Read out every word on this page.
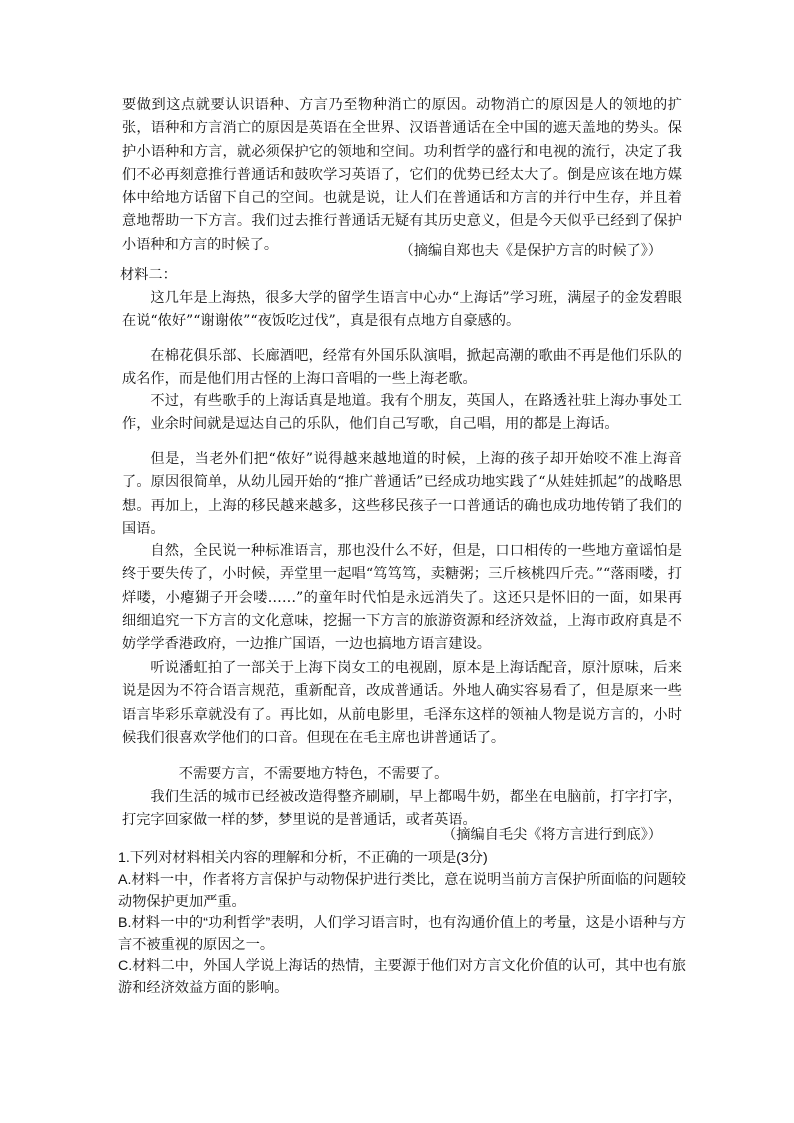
要做到这点就要认识语种、方言乃至物种消亡的原因。动物消亡的原因是人的领地的扩张，语种和方言消亡的原因是英语在全世界、汉语普通话在全中国的遮天盖地的势头。保护小语种和方言，就必须保护它的领地和空间。功利哲学的盛行和电视的流行，决定了我们不必再刻意推行普通话和鼓吹学习英语了，它们的优势已经太大了。倒是应该在地方媒体中给地方话留下自己的空间。也就是说，让人们在普通话和方言的并行中生存，并且着意地帮助一下方言。我们过去推行普通话无疑有其历史意义，但是今天似乎已经到了保护小语种和方言的时候了。	（摘编自郑也夫《是保护方言的时候了》）

材料二：

这几年是上海热，很多大学的留学生语言中心办“上海话”学习班，满屋子的金发碧眼在说“侬好”“谢谢侬”“夜饭吃过伐”，真是很有点地方自豪感的。

在棉花俱乐部、长廊酒吧，经常有外国乐队演唱，掀起高潮的歌曲不再是他们乐队的成名作，而是他们用古怪的上海口音唱的一些上海老歌。

不过，有些歌手的上海话真是地道。我有个朋友，英国人，在路透社驻上海办事处工作，业余时间就是逗达自己的乐队，他们自己写歌，自己唱，用的都是上海话。

但是，当老外们把“侬好”说得越来越地道的时候，上海的孩子却开始咬不准上海音了。原因很简单，从幼儿园开始的“推广普通话”已经成功地实践了“从娃娃抓起”的战略思想。再加上，上海的移民越来越多，这些移民孩子一口普通话的确也成功地传销了我们的国语。

自然，全民说一种标准语言，那也没什么不好，但是，口口相传的一些地方童谣怕是终于要失传了，小时候，弄堂里一起唱“笃笃笃，卖糖粥；三斤核桃四斤壳。”“落雨喽，打烊喽，小瘪猢子开会喽……”的童年时代怕是永远消失了。这还只是怀旧的一面，如果再细细追究一下方言的文化意味，挖掘一下方言的旅游资源和经济效益，上海市政府真是不妨学学香港政府，一边推广国语，一边也搞地方语言建设。

听说潘虹拍了一部关于上海下岗女工的电视剧，原本是上海话配音，原汁原味，后来说是因为不符合语言规范，重新配音，改成普通话。外地人确实容易看了，但是原来一些语言毕彩乐章就没有了。再比如，从前电影里，毛泽东这样的领袖人物是说方言的，小时候我们很喜欢学他们的口音。但现在在毛主席也讲普通话了。

不需要方言，不需要地方特色，不需要了。

我们生活的城市已经被改造得整齐刷刷，早上都喝牛奶，都坐在电脑前，打字打字，打完字回家做一样的梦，梦里说的是普通话，或者英语。

（摘编自毛尖《将方言进行到底》）

1.下列对材料相关内容的理解和分析，不正确的一项是(3分)

A.材料一中，作者将方言保护与动物保护进行类比，意在说明当前方言保护所面临的问题较动物保护更加严重。

B.材料一中的“功利哲学”表明，人们学习语言时，也有沟通价值上的考量，这是小语种与方言不被重视的原因之一。

C.材料二中，外国人学说上海话的热情，主要源于他们对方言文化价值的认可，其中也有旅游和经济效益方面的影响。
